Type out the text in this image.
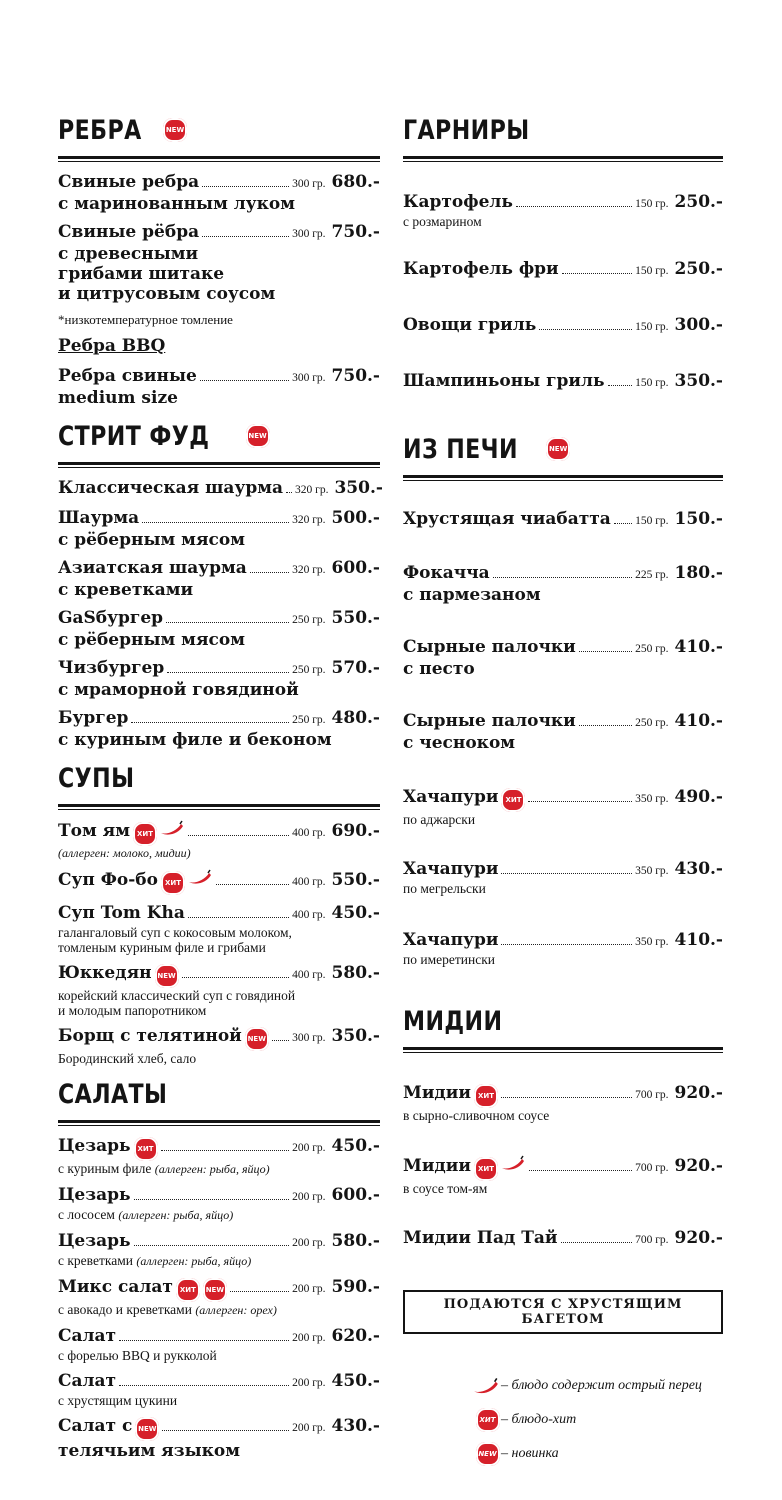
РЕБРА	NEW
Свиные ребра	300 гр. 680.-
с маринованным луком
Свиные рёбра	300 гр. 750.-
с древесными
грибами шитаке
и цитрусовым соусом
*низкотемпературное томление
Ребра BBQ
Ребра свиные	300 гр. 750.-
medium size
СТРИТ ФУД	NEW
Классическая шаурма 320 гр. 350.-
Шаурма	320 гр. 500.-
с рёберным мясом
Азиатская шаурма	320 гр. 600.-
с креветками
GaSбургер	250 гр. 550.-
с рёберным мясом
Чизбургер	250 гр. 570.-
с мраморной говядиной
Бургер	250 гр. 480.-
с куриным филе и беконом
СУПЫ
Том ям ХИТ	400 гр. 690.-
(аллерген: молоко, мидии)
Суп Фо-бо ХИТ	400 гр. 550.-
Суп Tom Kha	400 гр. 450.-
галангаловый суп с кокосовым молоком,
томленым куриным филе и грибами
Юккедян NEW	400 гр. 580.-
корейский классический суп с говядиной
и молодым папоротником
Борщ с телятиной NEW 300 гр. 350.-
Бородинский хлеб, сало
САЛАТЫ
Цезарь ХИТ	200 гр. 450.-
с куриным филе (аллерген: рыба, яйцо)
Цезарь	200 гр. 600.-
с лососем (аллерген: рыба, яйцо)
Цезарь	200 гр. 580.-
с креветками (аллерген: рыба, яйцо)
Микс салат ХИТ	NEW	200 гр. 590.-
с авокадо и креветками (аллерген: орех)
Салат	200 гр. 620.-
с форелью BBQ и рукколой
Салат	200 гр. 450.-
с хрустящим цукини
Салат с NEW	200 гр. 430.-
телячьим языком
ГАРНИРЫ
Картофель	150 гр. 250.-
с розмарином
Картофель фри	150 гр. 250.-
Овощи гриль	150 гр. 300.-
Шампиньоны гриль	150 гр. 350.-
ИЗ ПЕЧИ	NEW
Хрустящая чиабатта 150 гр. 150.-
Фокачча	225 гр. 180.-
с пармезаном
Сырные палочки	250 гр. 410.-
с песто
Сырные палочки	250 гр. 410.-
с чесноком
Хачапури ХИТ	350 гр. 490.-
по аджарски
Хачапури	350 гр. 430.-
по мегрельски
Хачапури	350 гр. 410.-
по имеретински
МИДИИ
Мидии ХИТ	700 гр. 920.-
в сырно-сливочном соусе
Мидии ХИТ	700 гр. 920.-
в соусе том-ям
Мидии Пад Тай	700 гр. 920.-
ПОДАЮТСЯ С ХРУСТЯЩИМ БАГЕТОМ
– блюдо содержит острый перец
ХИТ – блюдо-хит
NEW – новинка
